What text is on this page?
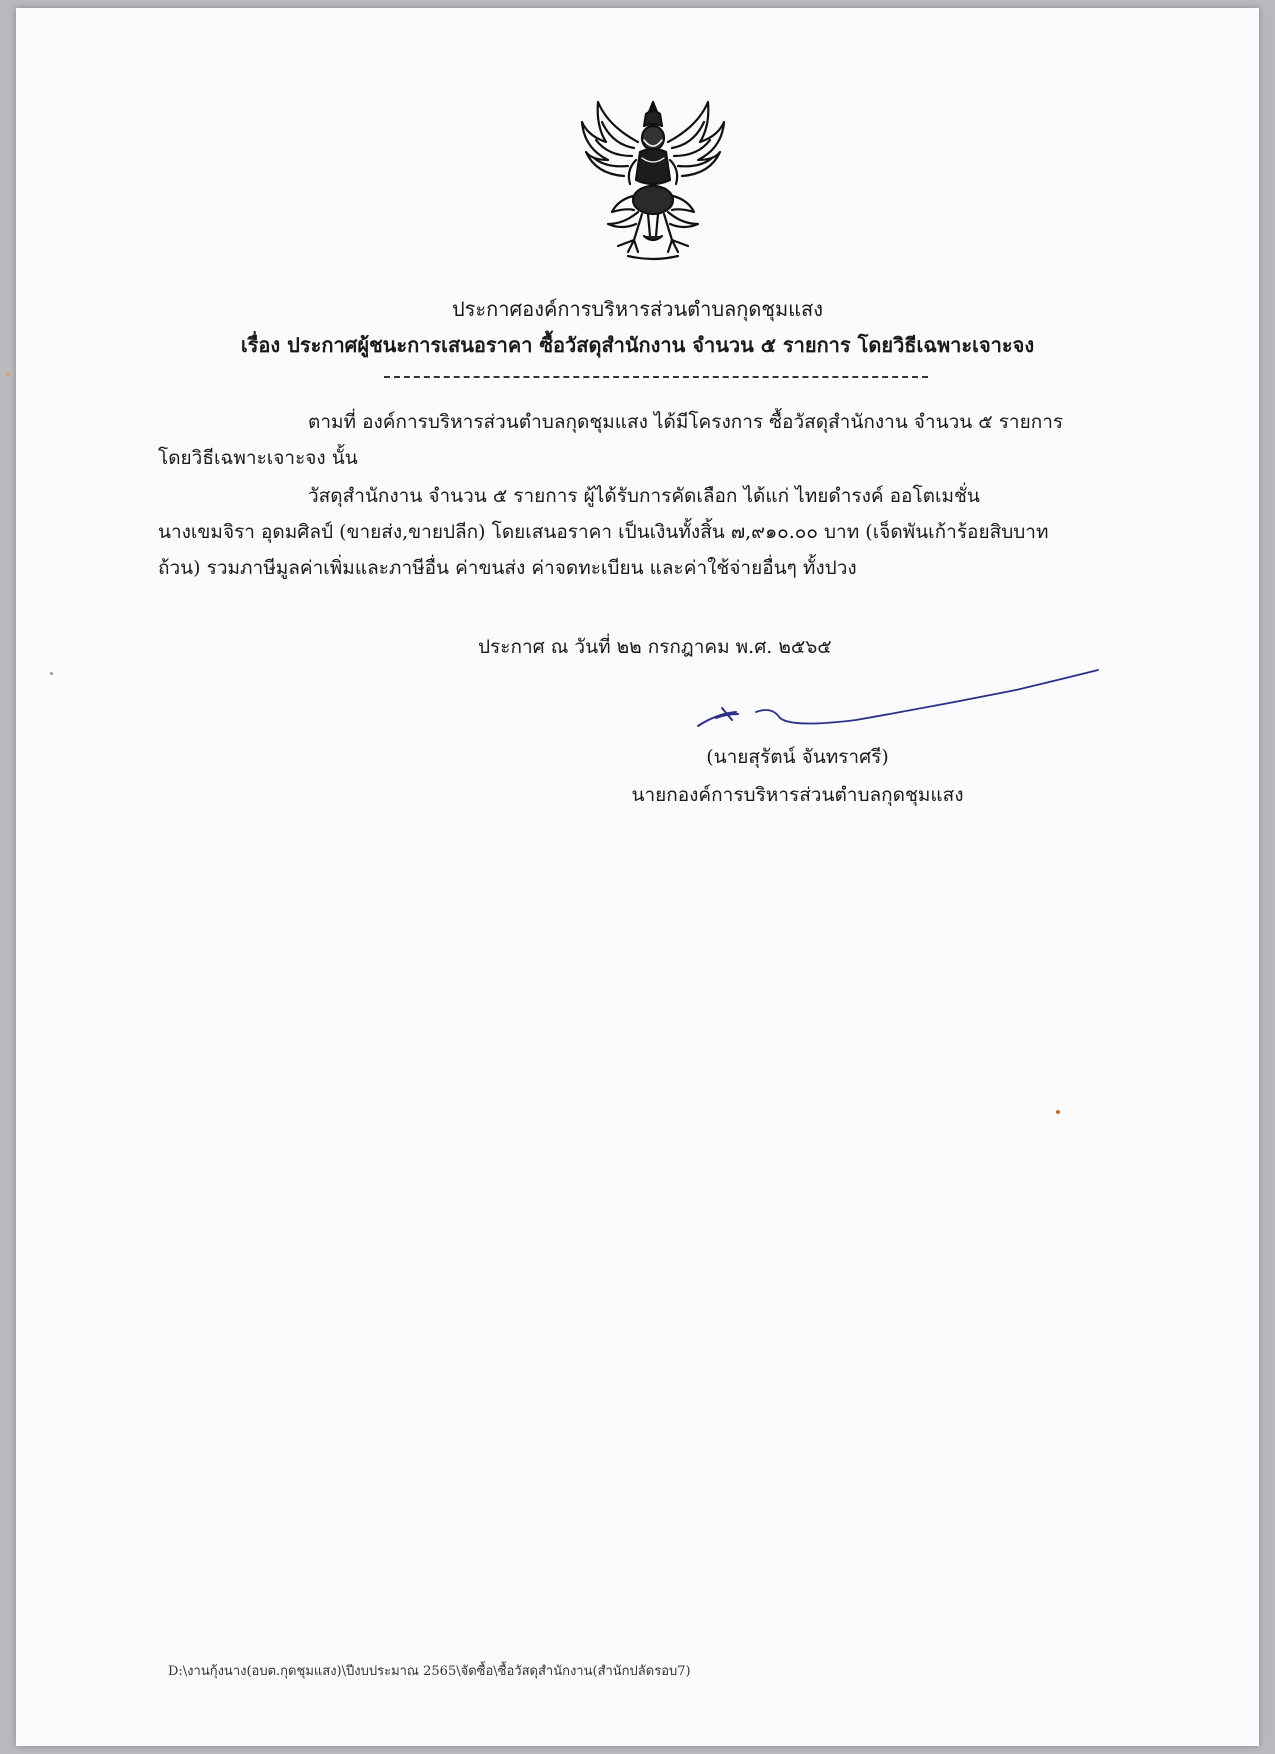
ประกาศองค์การบริหารส่วนตำบลกุดชุมแสง
เรื่อง ประกาศผู้ชนะการเสนอราคา ซื้อวัสดุสำนักงาน จำนวน ๕ รายการ โดยวิธีเฉพาะเจาะจง
ตามที่ องค์การบริหารส่วนตำบลกุดชุมแสง ได้มีโครงการ ซื้อวัสดุสำนักงาน จำนวน ๕ รายการ
โดยวิธีเฉพาะเจาะจง นั้น
วัสดุสำนักงาน จำนวน ๕ รายการ ผู้ได้รับการคัดเลือก ได้แก่ ไทยดำรงค์ ออโตเมชั่น
นางเขมจิรา อุดมศิลป์ (ขายส่ง,ขายปลีก) โดยเสนอราคา เป็นเงินทั้งสิ้น ๗,๙๑๐.๐๐ บาท (เจ็ดพันเก้าร้อยสิบบาท
ถ้วน) รวมภาษีมูลค่าเพิ่มและภาษีอื่น ค่าขนส่ง ค่าจดทะเบียน และค่าใช้จ่ายอื่นๆ ทั้งปวง
ประกาศ ณ วันที่ ๒๒ กรกฎาคม พ.ศ. ๒๕๖๕
(นายสุรัตน์ จันทราศรี)
นายกองค์การบริหารส่วนตำบลกุดชุมแสง
D:\งานกุ้งนาง(อบต.กุดชุมแสง)\ปีงบประมาณ 2565\จัดซื้อ\ซื้อวัสดุสำนักงาน(สำนักปลัดรอบ7)
